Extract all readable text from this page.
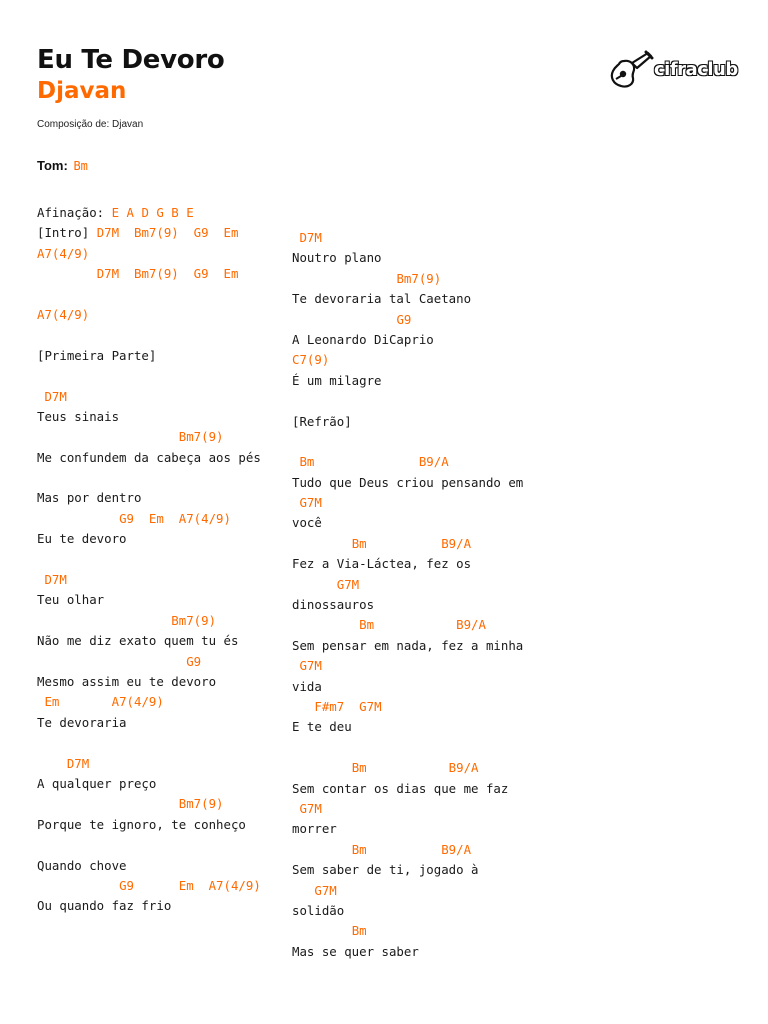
Eu Te Devoro
Djavan
Composição de: Djavan
Tom: Bm
cifraclub
Afinação: E A D G B E
[Intro] D7M  Bm7(9)  G9  Em
A7(4/9)
D7M  Bm7(9)  G9  Em
A7(4/9)
[Primeira Parte]
D7M
Teus sinais
Bm7(9)
Me confundem da cabeça aos pés
Mas por dentro
G9  Em  A7(4/9)
Eu te devoro
D7M
Teu olhar
Bm7(9)
Não me diz exato quem tu és
G9
Mesmo assim eu te devoro
Em       A7(4/9)
Te devoraria
D7M
A qualquer preço
Bm7(9)
Porque te ignoro, te conheço
Quando chove
G9      Em  A7(4/9)
Ou quando faz frio
D7M
Noutro plano
Bm7(9)
Te devoraria tal Caetano
G9
A Leonardo DiCaprio
C7(9)
É um milagre
[Refrão]
Bm	B9/A
Tudo que Deus criou pensando em
G7M
você
Bm	B9/A
Fez a Via-Láctea, fez os
G7M
dinossauros
Bm	B9/A
Sem pensar em nada, fez a minha
G7M
vida
F#m7  G7M
E te deu
Bm	B9/A
Sem contar os dias que me faz
G7M
morrer
Bm	B9/A
Sem saber de ti, jogado à
G7M
solidão
Bm
Mas se quer saber
